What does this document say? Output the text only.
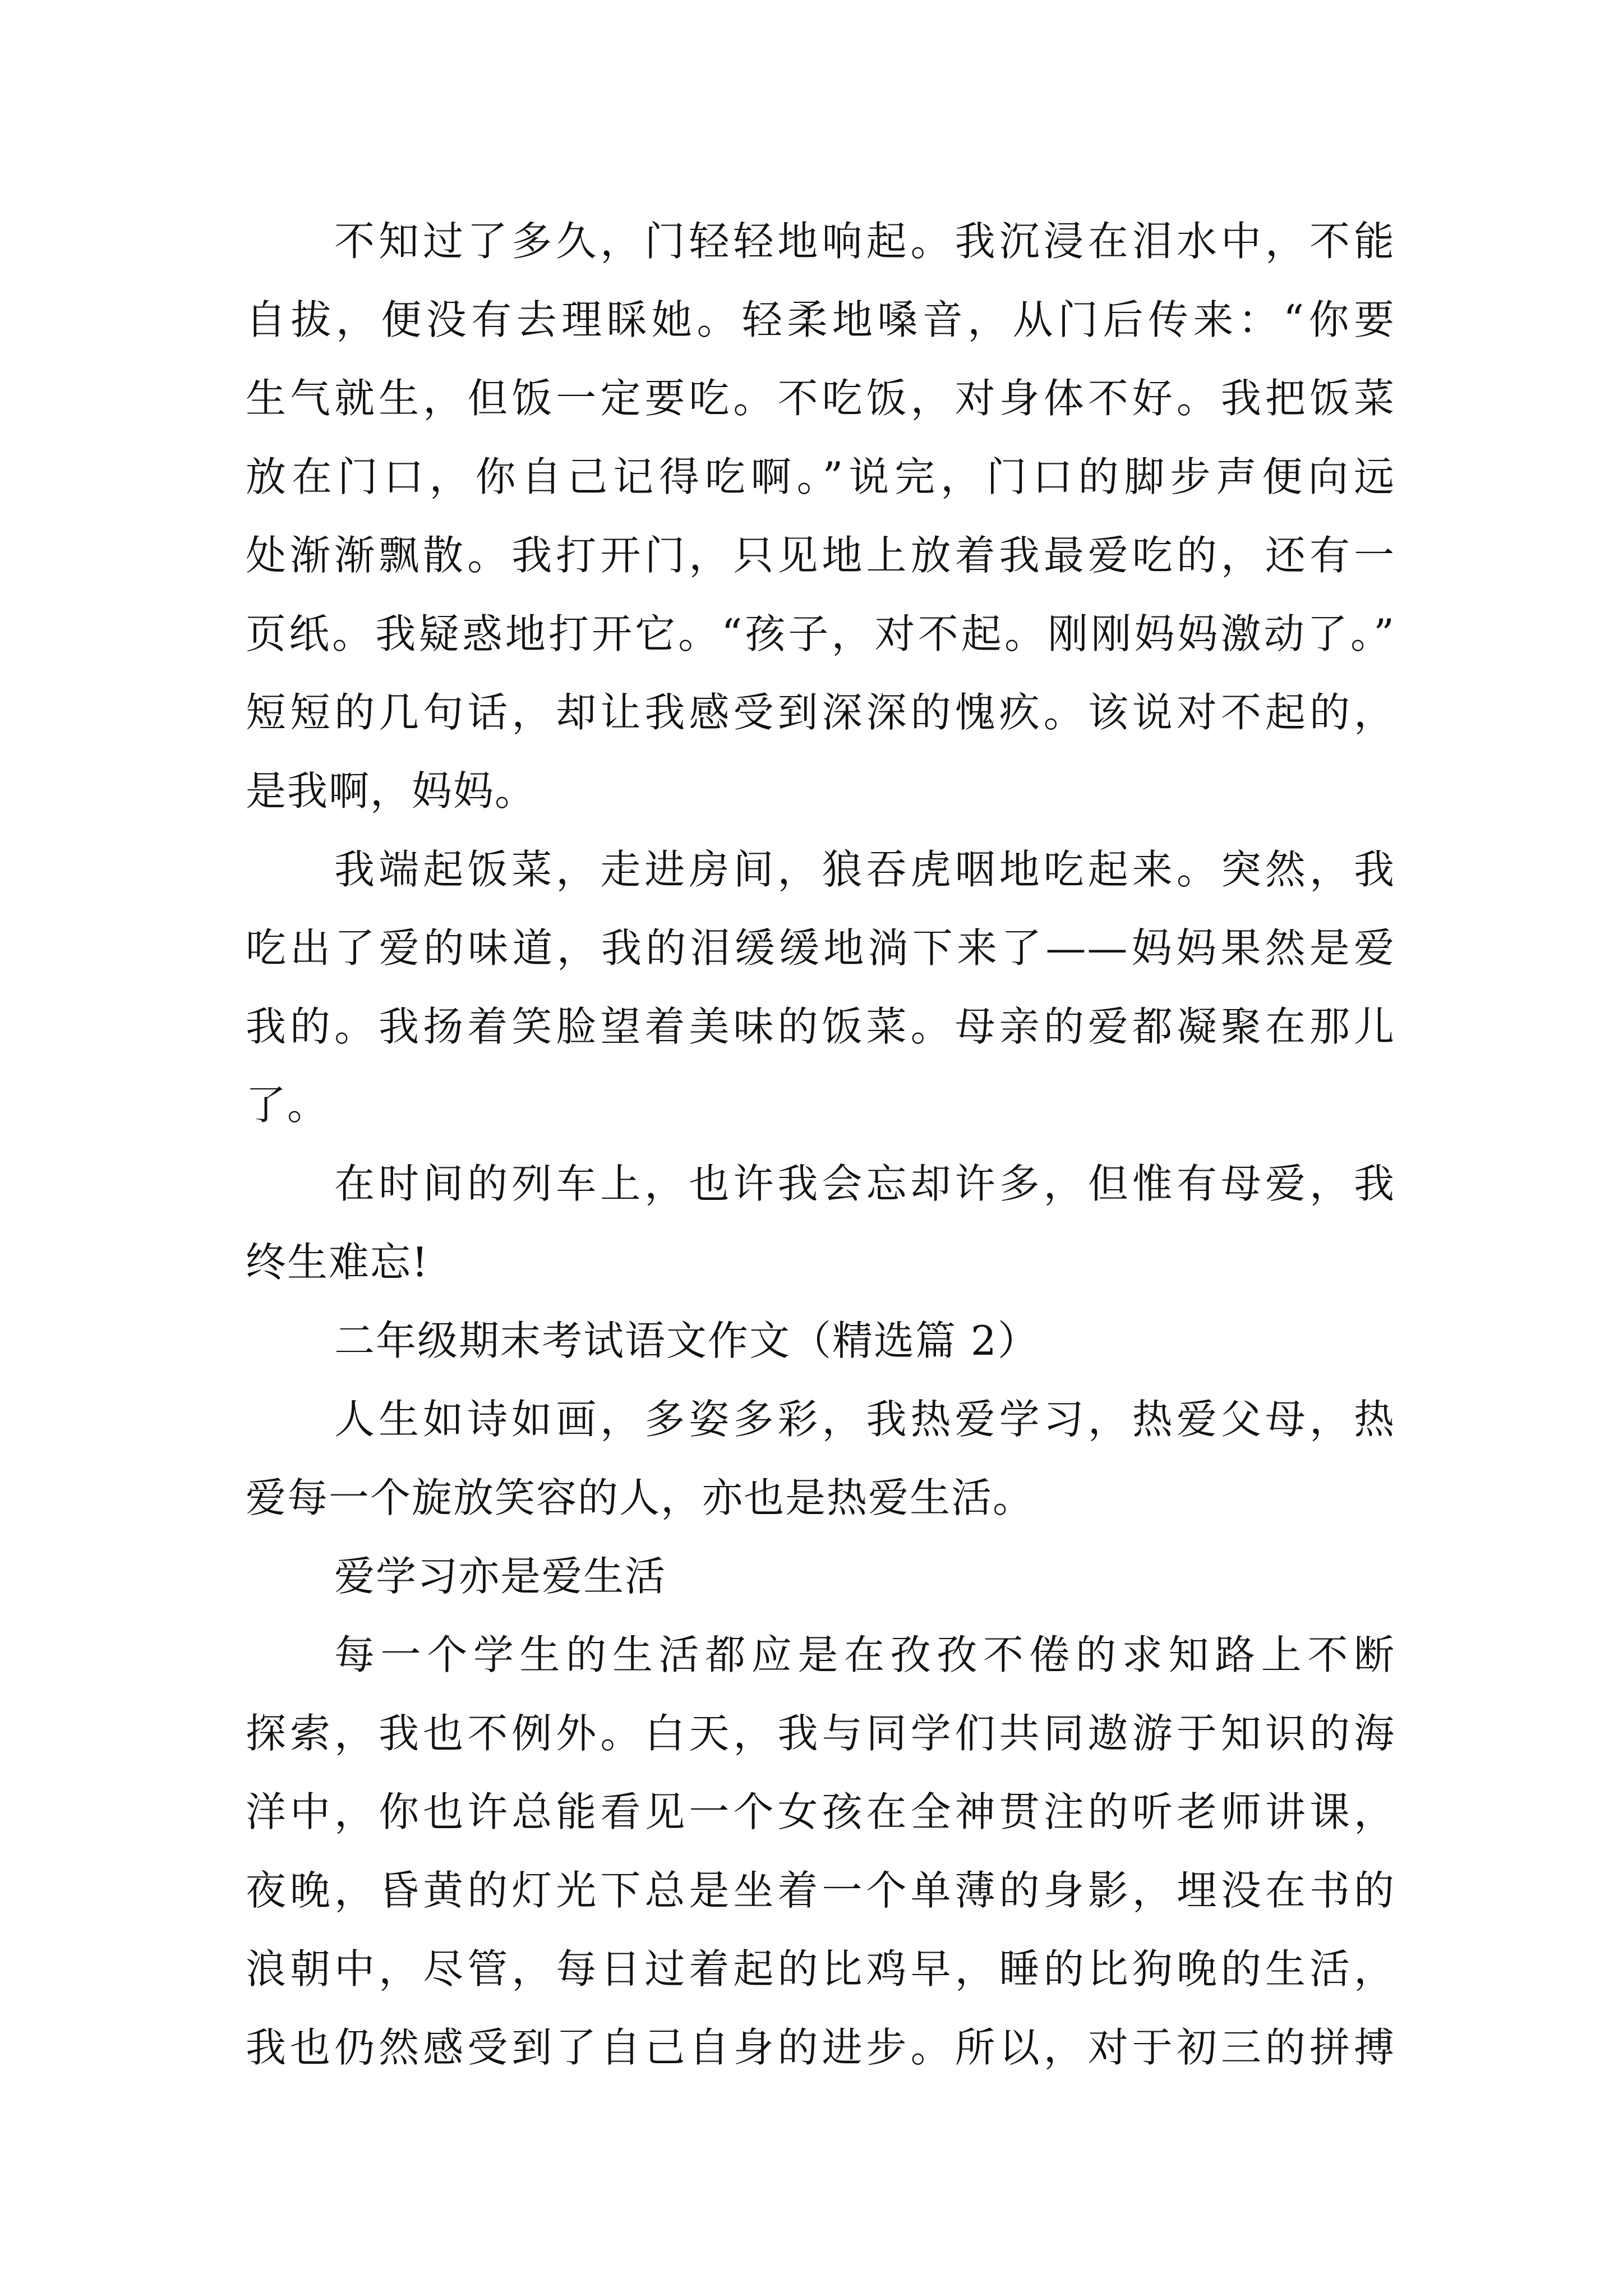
不知过了多久，门轻轻地响起。我沉浸在泪水中，不能
自拔，便没有去理睬她。轻柔地嗓音，从门后传来：“你要
生气就生，但饭一定要吃。不吃饭，对身体不好。我把饭菜
放在门口，你自己记得吃啊。”说完，门口的脚步声便向远
处渐渐飘散。我打开门，只见地上放着我最爱吃的，还有一
页纸。我疑惑地打开它。“孩子，对不起。刚刚妈妈激动了。”
短短的几句话，却让我感受到深深的愧疚。该说对不起的，
是我啊，妈妈。
我端起饭菜，走进房间，狼吞虎咽地吃起来。突然，我
吃出了爱的味道，我的泪缓缓地淌下来了——妈妈果然是爱
我的。我扬着笑脸望着美味的饭菜。母亲的爱都凝聚在那儿
了。
在时间的列车上，也许我会忘却许多，但惟有母爱，我
终生难忘!
二年级期末考试语文作文（精选篇 2）
人生如诗如画，多姿多彩，我热爱学习，热爱父母，热
爱每一个旋放笑容的人，亦也是热爱生活。
爱学习亦是爱生活
每一个学生的生活都应是在孜孜不倦的求知路上不断
探索，我也不例外。白天，我与同学们共同遨游于知识的海
洋中，你也许总能看见一个女孩在全神贯注的听老师讲课，
夜晚，昏黄的灯光下总是坐着一个单薄的身影，埋没在书的
浪朝中，尽管，每日过着起的比鸡早，睡的比狗晚的生活，
我也仍然感受到了自己自身的进步。所以，对于初三的拼搏
